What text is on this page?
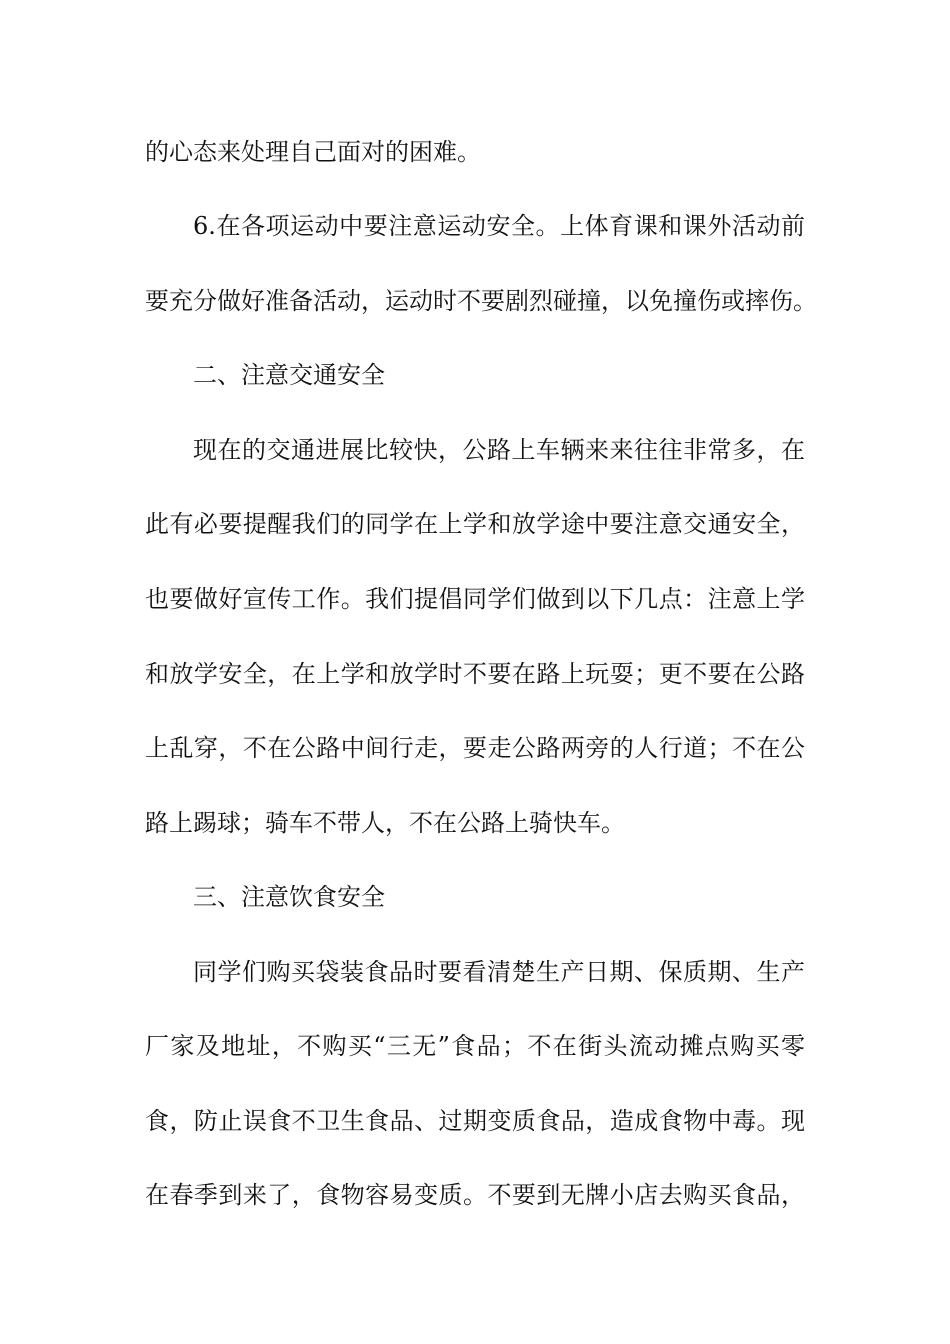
的心态来处理自己面对的困难。
6.在各项运动中要注意运动安全。上体育课和课外活动前
要充分做好准备活动，运动时不要剧烈碰撞，以免撞伤或摔伤。
二、注意交通安全
现在的交通进展比较快，公路上车辆来来往往非常多，在
此有必要提醒我们的同学在上学和放学途中要注意交通安全，
也要做好宣传工作。我们提倡同学们做到以下几点：注意上学
和放学安全，在上学和放学时不要在路上玩耍；更不要在公路
上乱穿，不在公路中间行走，要走公路两旁的人行道；不在公
路上踢球；骑车不带人，不在公路上骑快车。
三、注意饮食安全
同学们购买袋装食品时要看清楚生产日期、保质期、生产
厂家及地址，不购买“三无”食品；不在街头流动摊点购买零
食，防止误食不卫生食品、过期变质食品，造成食物中毒。现
在春季到来了，食物容易变质。不要到无牌小店去购买食品，
